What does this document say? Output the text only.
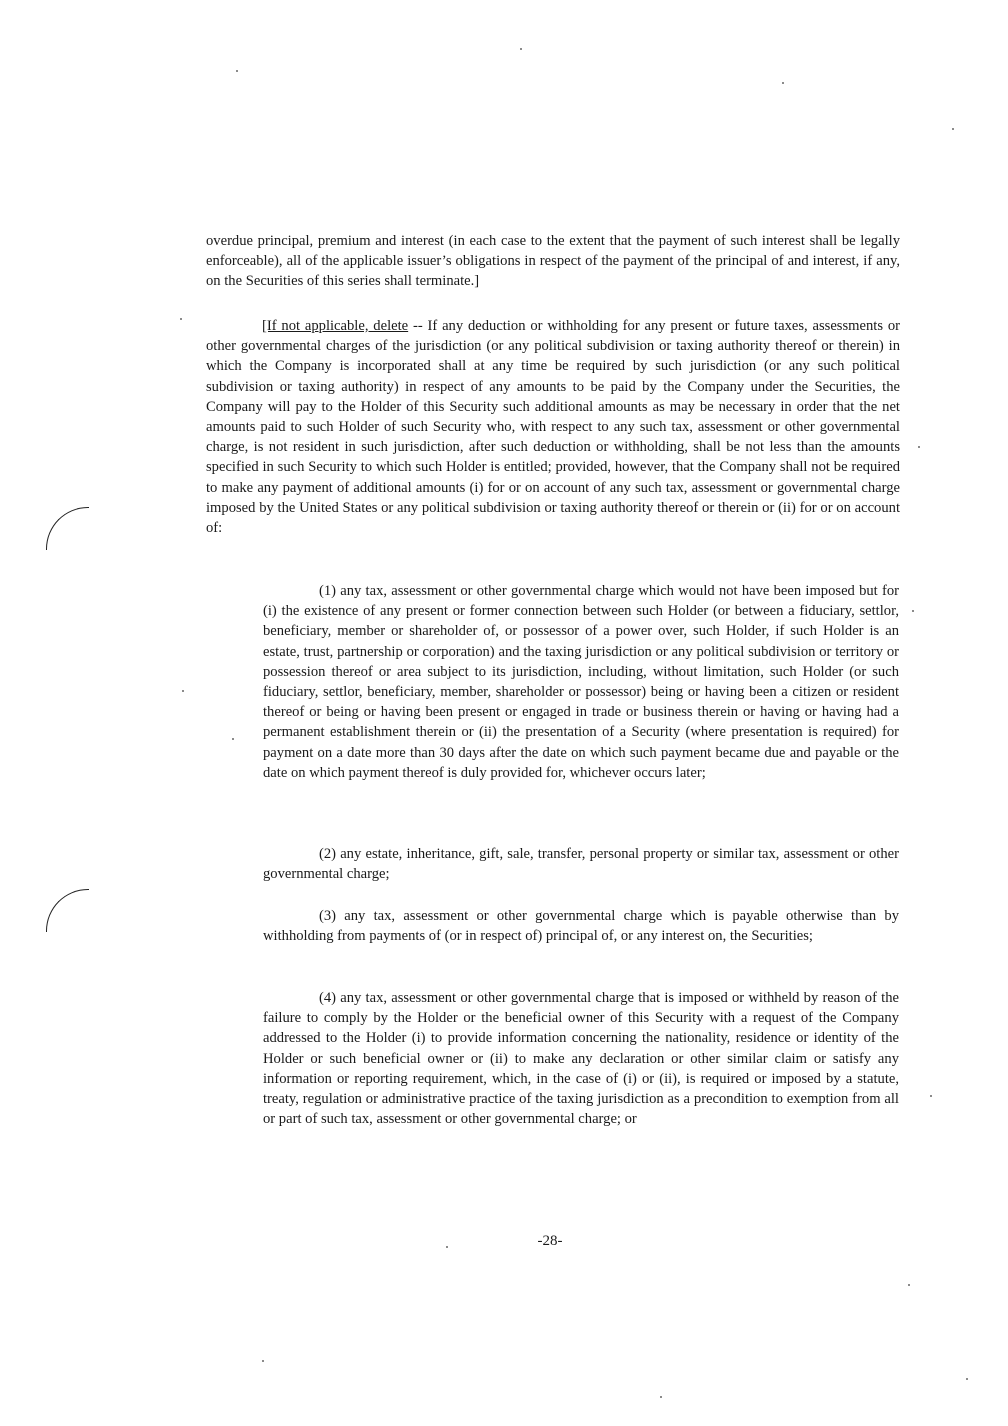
overdue principal, premium and interest (in each case to the extent that the payment of such interest shall be legally enforceable), all of the applicable issuer’s obligations in respect of the payment of the principal of and interest, if any, on the Securities of this series shall terminate.]
[If not applicable, delete -- If any deduction or withholding for any present or future taxes, assessments or other governmental charges of the jurisdiction (or any political subdivision or taxing authority thereof or therein) in which the Company is incorporated shall at any time be required by such jurisdiction (or any such political subdivision or taxing authority) in respect of any amounts to be paid by the Company under the Securities, the Company will pay to the Holder of this Security such additional amounts as may be necessary in order that the net amounts paid to such Holder of such Security who, with respect to any such tax, assessment or other governmental charge, is not resident in such jurisdiction, after such deduction or withholding, shall be not less than the amounts specified in such Security to which such Holder is entitled; provided, however, that the Company shall not be required to make any payment of additional amounts (i) for or on account of any such tax, assessment or governmental charge imposed by the United States or any political subdivision or taxing authority thereof or therein or (ii) for or on account of:
(1) any tax, assessment or other governmental charge which would not have been imposed but for (i) the existence of any present or former connection between such Holder (or between a fiduciary, settlor, beneficiary, member or shareholder of, or possessor of a power over, such Holder, if such Holder is an estate, trust, partnership or corporation) and the taxing jurisdiction or any political subdivision or territory or possession thereof or area subject to its jurisdiction, including, without limitation, such Holder (or such fiduciary, settlor, beneficiary, member, shareholder or possessor) being or having been a citizen or resident thereof or being or having been present or engaged in trade or business therein or having or having had a permanent establishment therein or (ii) the presentation of a Security (where presentation is required) for payment on a date more than 30 days after the date on which such payment became due and payable or the date on which payment thereof is duly provided for, whichever occurs later;
(2) any estate, inheritance, gift, sale, transfer, personal property or similar tax, assessment or other governmental charge;
(3) any tax, assessment or other governmental charge which is payable otherwise than by withholding from payments of (or in respect of) principal of, or any interest on, the Securities;
(4) any tax, assessment or other governmental charge that is imposed or withheld by reason of the failure to comply by the Holder or the beneficial owner of this Security with a request of the Company addressed to the Holder (i) to provide information concerning the nationality, residence or identity of the Holder or such beneficial owner or (ii) to make any declaration or other similar claim or satisfy any information or reporting requirement, which, in the case of (i) or (ii), is required or imposed by a statute, treaty, regulation or administrative practice of the taxing jurisdiction as a precondition to exemption from all or part of such tax, assessment or other governmental charge; or
-28-
